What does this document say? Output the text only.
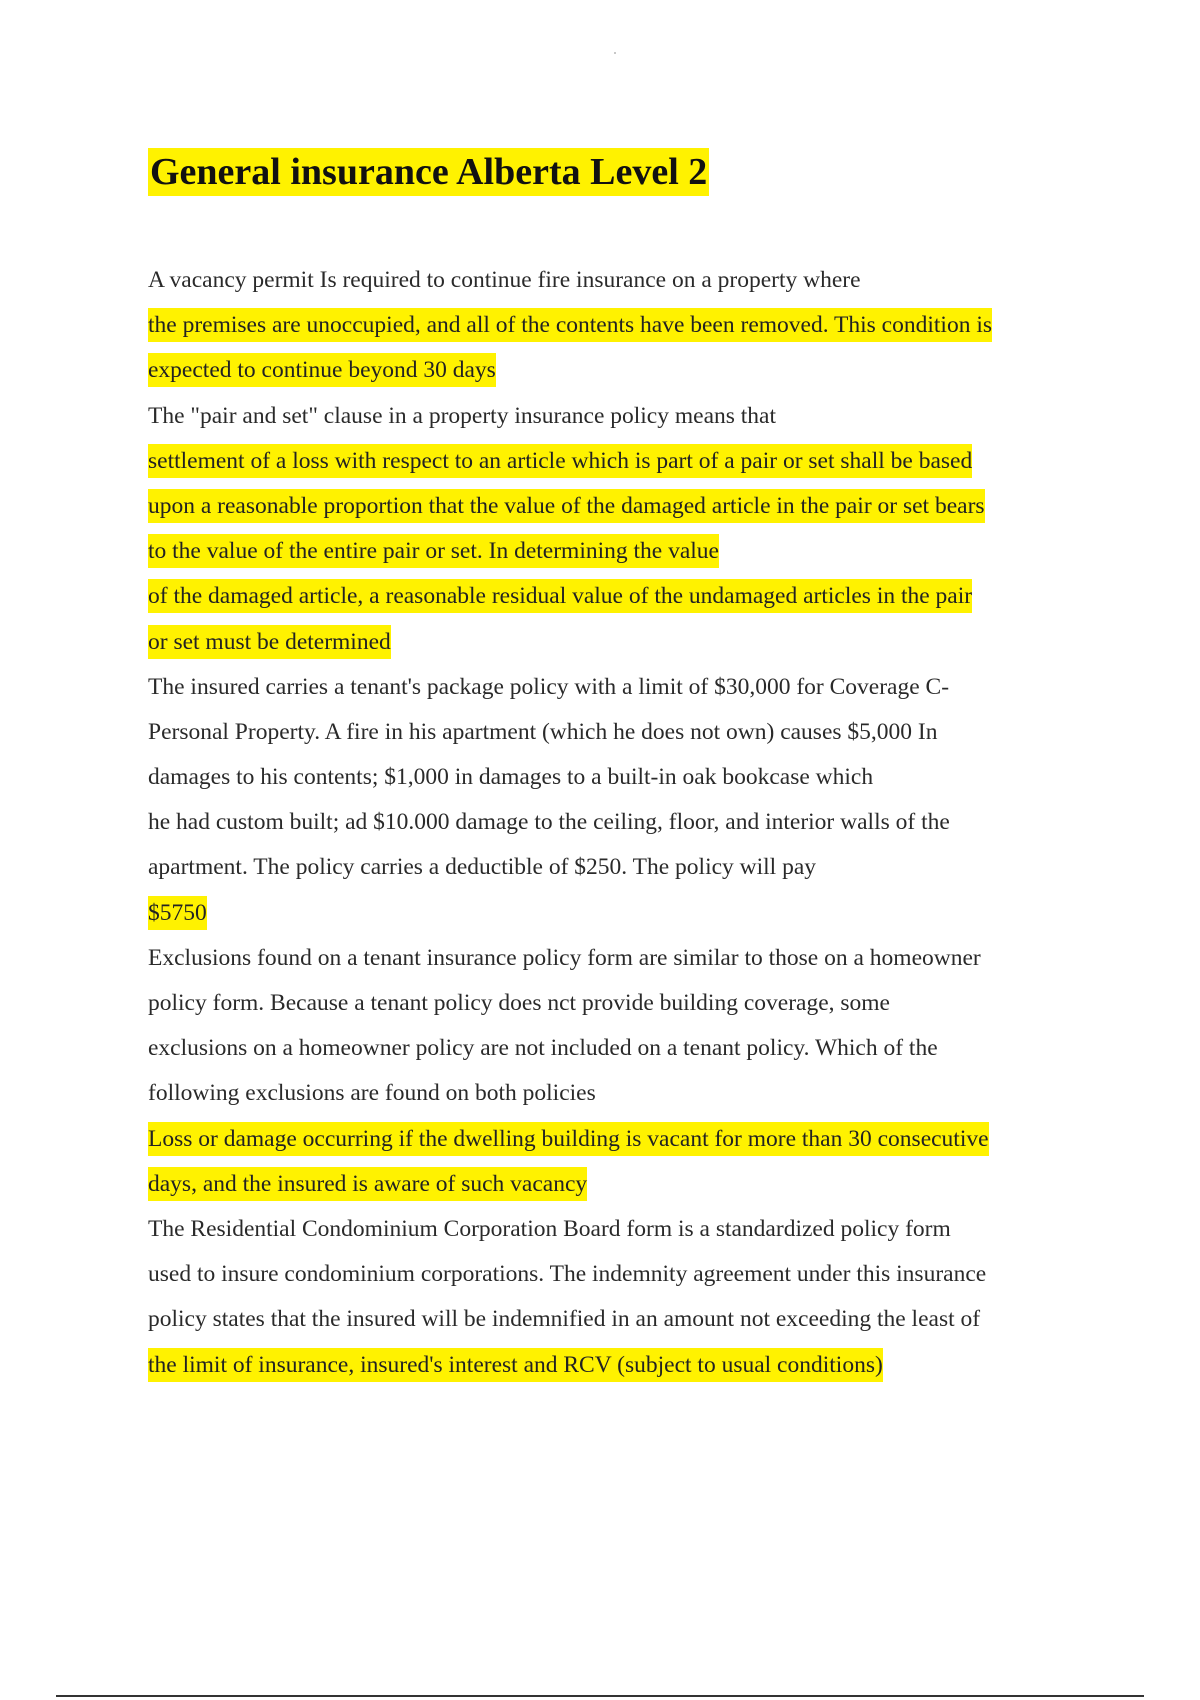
General insurance Alberta Level 2
A vacancy permit Is required to continue fire insurance on a property where
the premises are unoccupied, and all of the contents have been removed. This condition is
expected to continue beyond 30 days
The "pair and set" clause in a property insurance policy means that
settlement of a loss with respect to an article which is part of a pair or set shall be based
upon a reasonable proportion that the value of the damaged article in the pair or set bears
to the value of the entire pair or set. In determining the value
of the damaged article, a reasonable residual value of the undamaged articles in the pair
or set must be determined
The insured carries a tenant's package policy with a limit of $30,000 for Coverage C-
Personal Property. A fire in his apartment (which he does not own) causes $5,000 In
damages to his contents; $1,000 in damages to a built-in oak bookcase which
he had custom built; ad $10.000 damage to the ceiling, floor, and interior walls of the
apartment. The policy carries a deductible of $250. The policy will pay
$5750
Exclusions found on a tenant insurance policy form are similar to those on a homeowner
policy form. Because a tenant policy does nct provide building coverage, some
exclusions on a homeowner policy are not included on a tenant policy. Which of the
following exclusions are found on both policies
Loss or damage occurring if the dwelling building is vacant for more than 30 consecutive
days, and the insured is aware of such vacancy
The Residential Condominium Corporation Board form is a standardized policy form
used to insure condominium corporations. The indemnity agreement under this insurance
policy states that the insured will be indemnified in an amount not exceeding the least of
the limit of insurance, insured's interest and RCV (subject to usual conditions)
